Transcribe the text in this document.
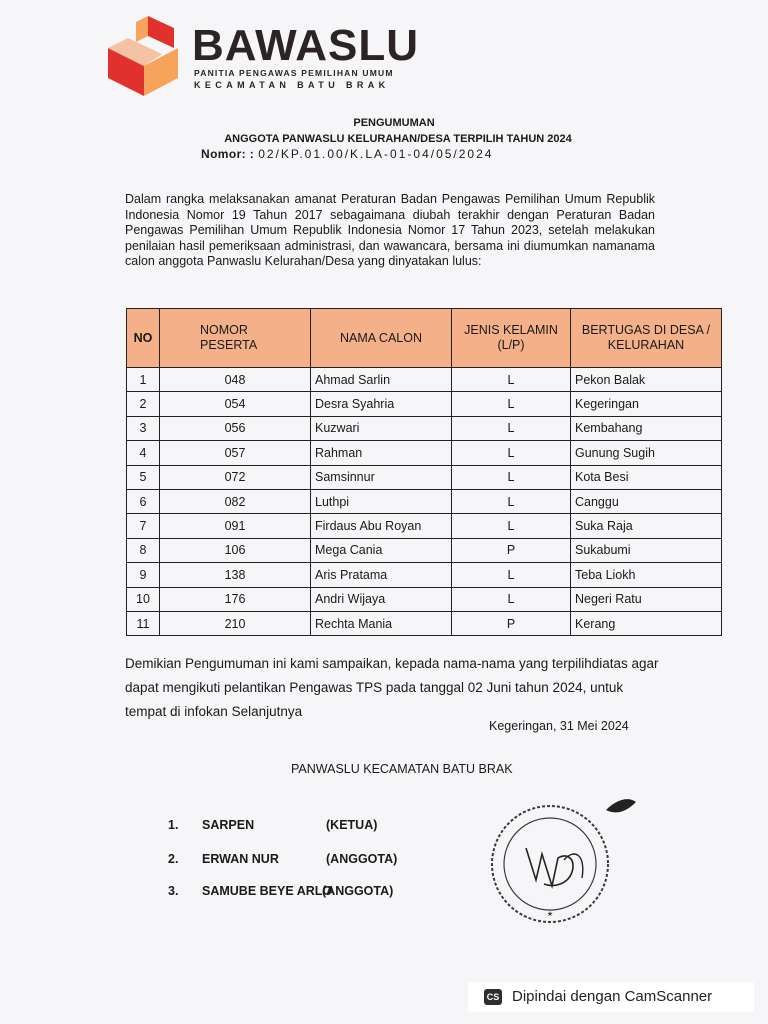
BAWASLU
PANITIA PENGAWAS PEMILIHAN UMUM
KECAMATAN BATU BRAK
PENGUMUMAN
ANGGOTA PANWASLU KELURAHAN/DESA TERPILIH TAHUN 2024
Nomor: : 02/KP.01.00/K.LA-01-04/05/2024
Dalam rangka melaksanakan amanat Peraturan Badan Pengawas Pemilihan Umum Republik Indonesia Nomor 19 Tahun 2017 sebagaimana diubah terakhir dengan Peraturan Badan Pengawas Pemilihan Umum Republik Indonesia Nomor 17 Tahun 2023, setelah melakukan penilaian hasil pemeriksaan administrasi, dan wawancara, bersama ini diumumkan namanama calon anggota Panwaslu Kelurahan/Desa yang dinyatakan lulus:
NO	NOMOR PESERTA	NAMA CALON	JENIS KELAMIN (L/P)	BERTUGAS DI DESA / KELURAHAN
1	048	Ahmad Sarlin	L	Pekon Balak
2	054	Desra Syahria	L	Kegeringan
3	056	Kuzwari	L	Kembahang
4	057	Rahman	L	Gunung Sugih
5	072	Samsinnur	L	Kota Besi
6	082	Luthpi	L	Canggu
7	091	Firdaus Abu Royan	L	Suka Raja
8	106	Mega Cania	P	Sukabumi
9	138	Aris Pratama	L	Teba Liokh
10	176	Andri Wijaya	L	Negeri Ratu
11	210	Rechta Mania	P	Kerang
Demikian Pengumuman ini kami sampaikan, kepada nama-nama yang terpilihdiatas agar dapat mengikuti pelantikan Pengawas TPS pada tanggal 02 Juni tahun 2024, untuk tempat di infokan Selanjutnya
Kegeringan, 31 Mei 2024
PANWASLU KECAMATAN BATU BRAK
1. SARPEN	(KETUA)
2. ERWAN NUR	(ANGGOTA)
3. SAMUBE BEYE ARLO
(ANGGOTA)
★
CS Dipindai dengan CamScanner
